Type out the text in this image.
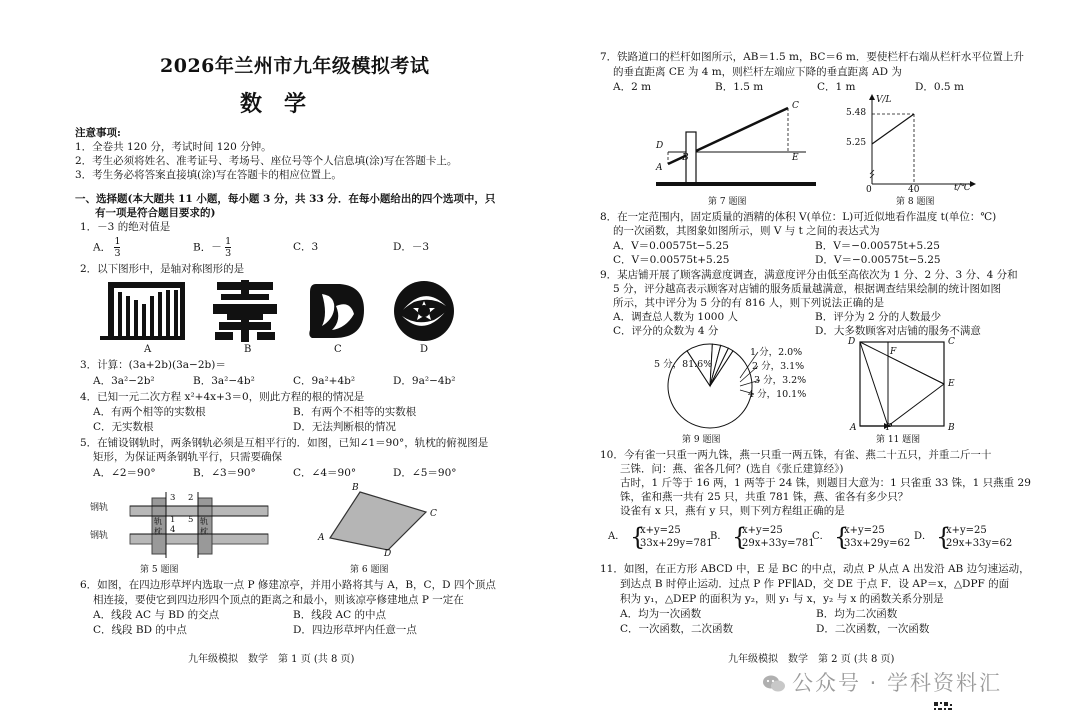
2026年兰州市九年级模拟考试
数　学
注意事项:
1．全卷共 120 分，考试时间 120 分钟。
2．考生必须将姓名、准考证号、考场号、座位号等个人信息填(涂)写在答题卡上。
3．考生务必将答案直接填(涂)写在答题卡的相应位置上。
一、选择题(本大题共 11 小题，每小题 3 分，共 33 分．在每小题给出的四个选项中，只
有一项是符合题目要求的)
1．－3 的绝对值是
A． $\frac{1}{3}$	B．－ $\frac{1}{3}$	C．3	D．－3
2．以下图形中，是轴对称图形的是
A	B	C	D
3．计算：(3a+2b)(3a−2b)＝
A．3a²−2b²	B．3a²−4b²	C．9a²+4b²	D．9a²−4b²
4．已知一元二次方程 x²+4x+3＝0，则此方程的根的情况是
A．有两个相等的实数根	B．有两个不相等的实数根
C．无实数根	D．无法判断根的情况
5．在铺设钢轨时，两条钢轨必须是互相平行的．如图，已知∠1＝90°，轨枕的俯视图是
矩形，为保证两条钢轨平行，只需要确保
A．∠2＝90°	B．∠3＝90°	C．∠4＝90°	D．∠5＝90°
钢轨
钢轨
轨
枕
轨
枕
3 2
1 5
4
第 5 题图
A
B
C
D
第 6 题图
6．如图，在四边形草坪内选取一点 P 修建凉亭，并用小路将其与 A，B，C，D 四个顶点
相连接，要使它到四边形四个顶点的距离之和最小，则该凉亭修建地点 P 一定在
A．线段 AC 与 BD 的交点	B．线段 AC 的中点
C．线段 BD 的中点	D．四边形草坪内任意一点
九年级模拟　数学　第 1 页 (共 8 页)
7．铁路道口的栏杆如图所示，AB＝1.5 m，BC＝6 m．要使栏杆右端从栏杆水平位置上升
的垂直距离 CE 为 4 m，则栏杆左端应下降的垂直距离 AD 为
A．2 m	B．1.5 m	C．1 m	D．0.5 m
D
B
A
C
E
第 7 题图
V/L
t/℃
5.48
5.25
0	40
第 8 题图
8．在一定范围内，固定质量的酒精的体积 V(单位：L)可近似地看作温度 t(单位：℃)
的一次函数，其图象如图所示，则 V 与 t 之间的表达式为
A．V＝0.00575t−5.25	B．V＝−0.00575t+5.25
C．V＝0.00575t+5.25	D．V＝−0.00575t−5.25
9．某店铺开展了顾客满意度调查，满意度评分由低至高依次为 1 分、2 分、3 分、4 分和
5 分，评分越高表示顾客对店铺的服务质量越满意，根据调查结果绘制的统计图如图
所示，其中评分为 5 分的有 816 人，则下列说法正确的是
A．调查总人数为 1000 人	B．评分为 2 分的人数最少
C．评分的众数为 4 分	D．大多数顾客对店铺的服务不满意
5 分，81.6%
1 分，2.0%
2 分，3.1%
3 分，3.2%
4 分，10.1%
第 9 题图
D
F
C
E
A	P	B
第 11 题图
10．今有雀一只重一两九铢，燕一只重一两五铢，有雀、燕二十五只，并重二斤一十
三铢．问：燕、雀各几何？(选自《张丘建算经》)
古时，1 斤等于 16 两，1 两等于 24 铢，则题目大意为：1 只雀重 33 铢，1 只燕重 29
铢，雀和燕一共有 25 只，共重 781 铢，燕、雀各有多少只？
设雀有 x 只，燕有 y 只，则下列方程组正确的是
A． {
x+y=25
33x+29y=781
B． {
x+y=25
29x+33y=781
C． {
x+y=25
33x+29y=62
D． {
x+y=25
29x+33y=62
11．如图，在正方形 ABCD 中，E 是 BC 的中点，动点 P 从点 A 出发沿 AB 边匀速运动，
到达点 B 时停止运动．过点 P 作 PF∥AD，交 DE 于点 F．设 AP＝x，△DPF 的面
积为 y₁，△DEP 的面积为 y₂，则 y₁ 与 x，y₂ 与 x 的函数关系分别是
A．均为一次函数	B．均为二次函数
C．一次函数，二次函数	D．二次函数，一次函数
九年级模拟　数学　第 2 页 (共 8 页)
公众号 · 学科资料汇
